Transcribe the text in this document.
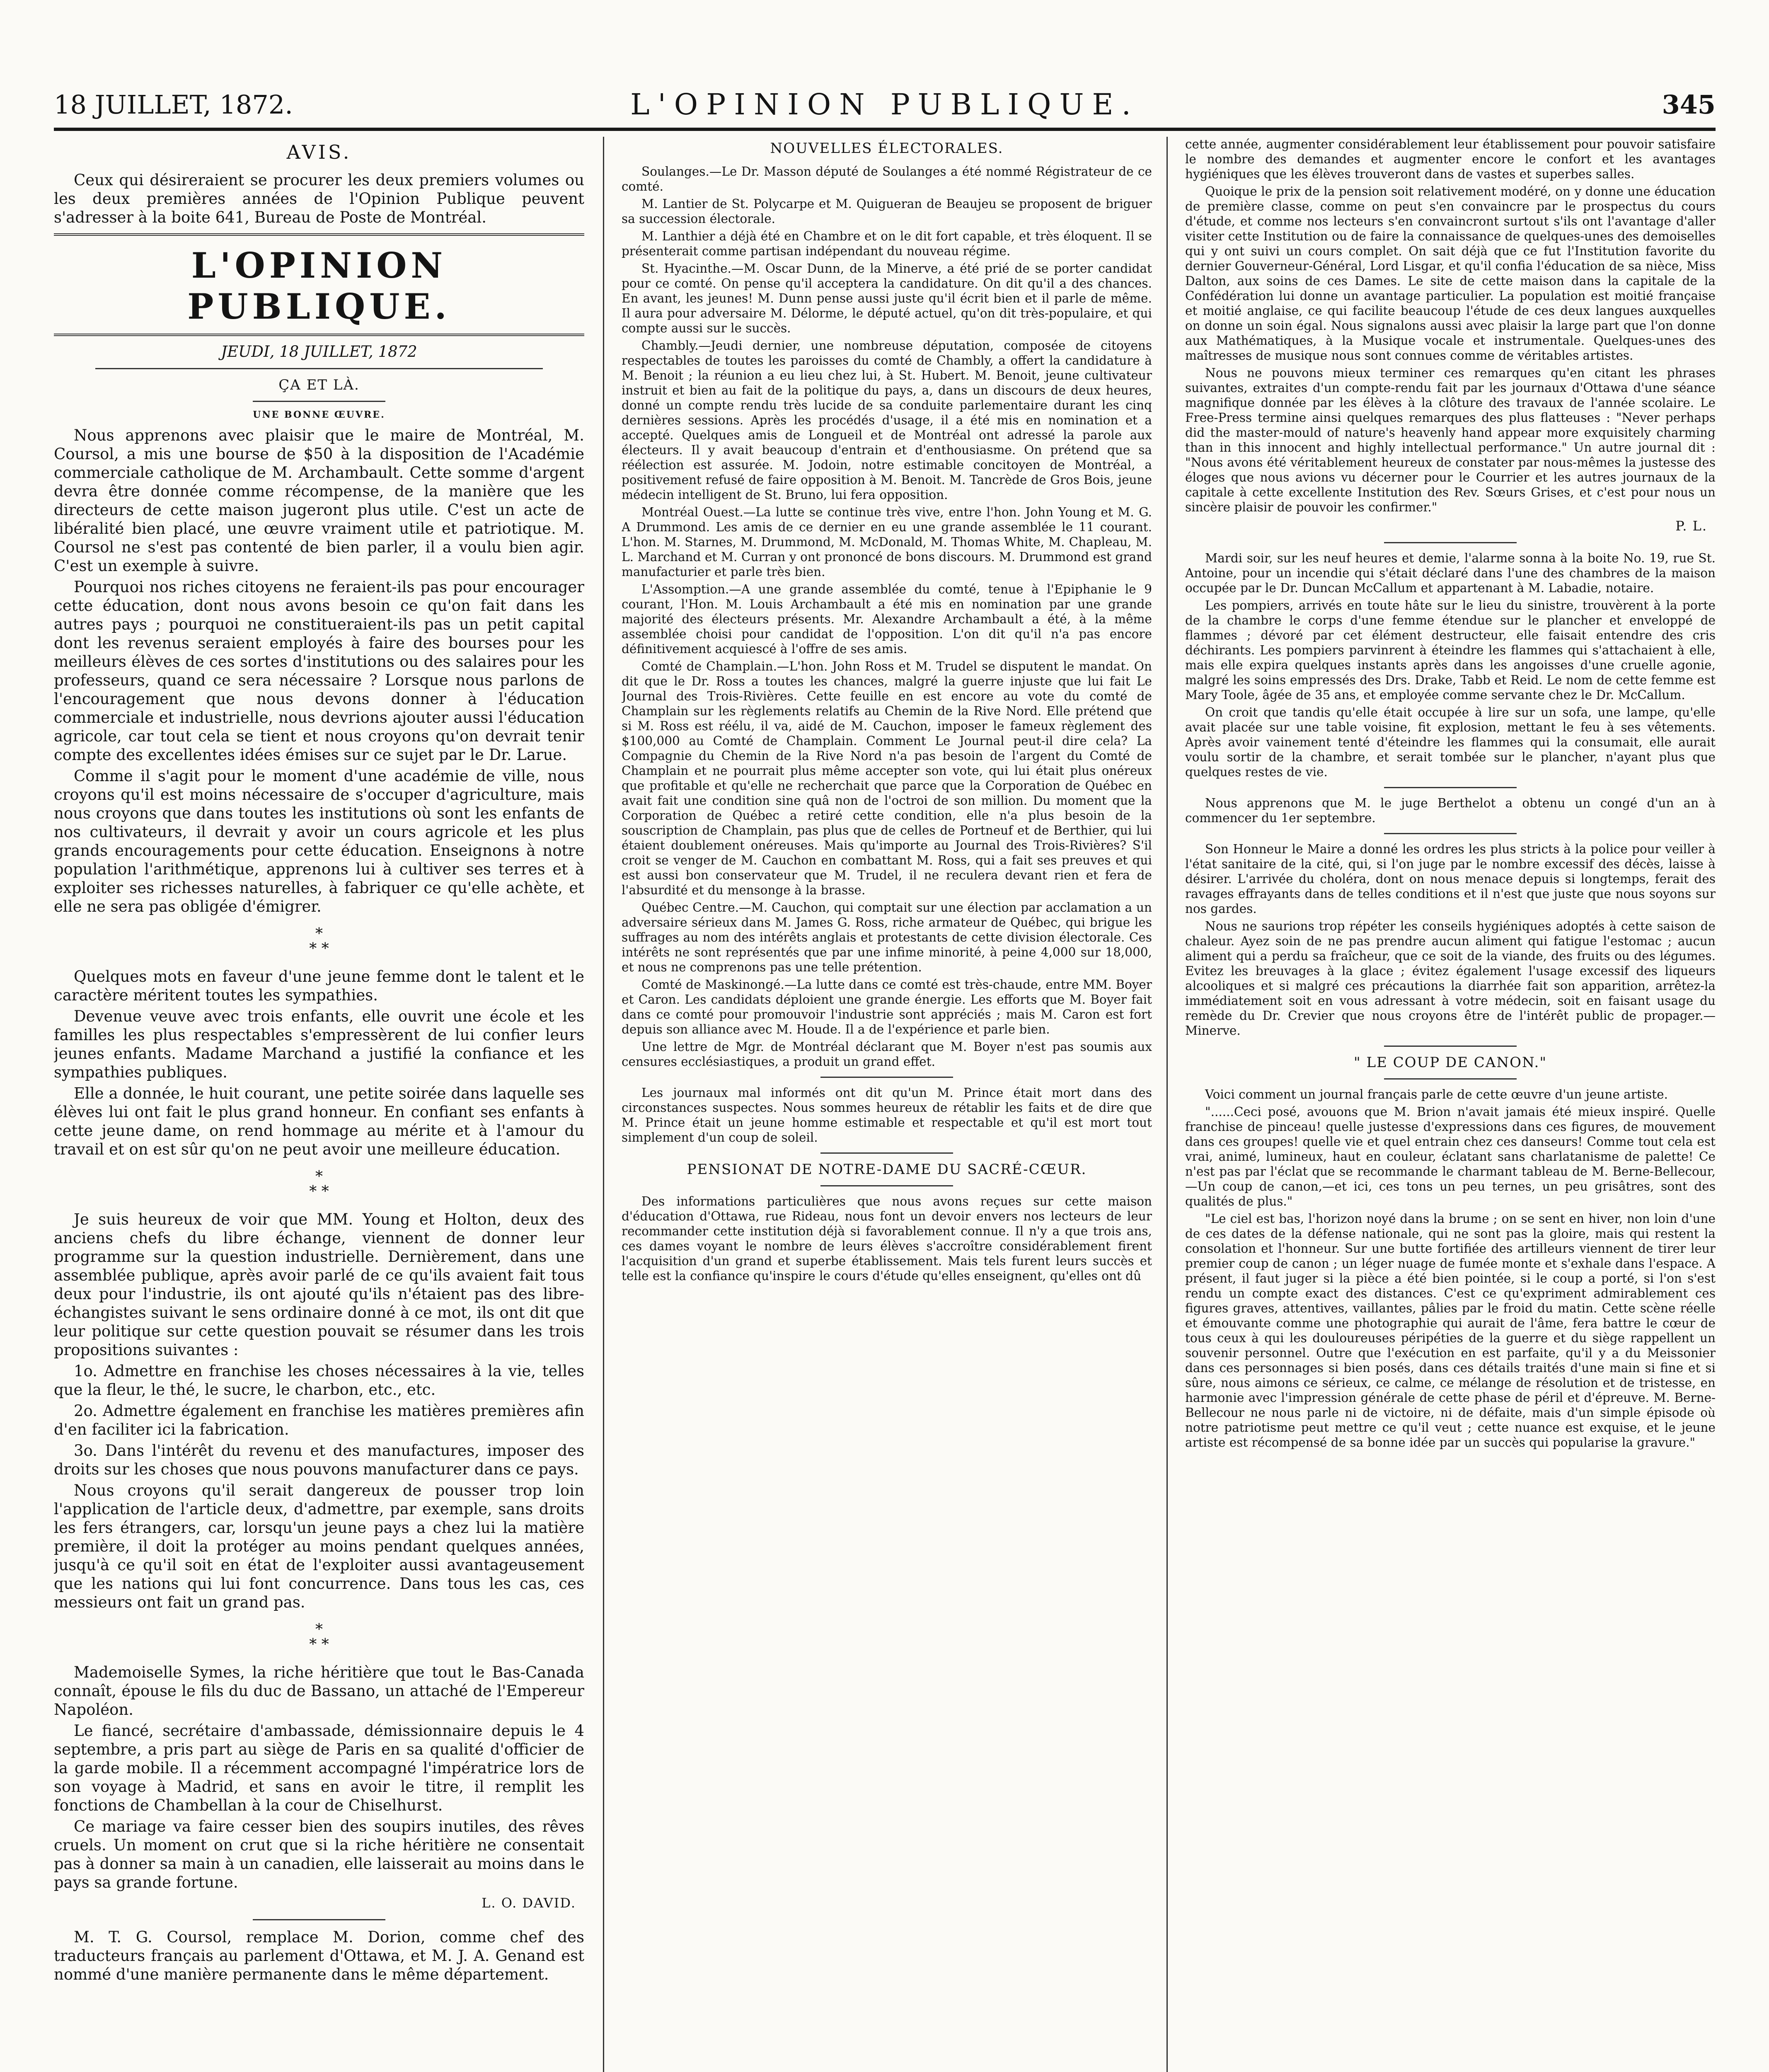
18 JUILLET, 1872.	L'OPINION PUBLIQUE.	345
AVIS.

Ceux qui désireraient se procurer les deux premiers volumes ou les deux premières années de l'Opinion Publique peuvent s'adresser à la boite 641, Bureau de Poste de Montréal.

L'OPINION PUBLIQUE.
JEUDI, 18 JUILLET, 1872
ÇA ET LÀ.
UNE BONNE ŒUVRE.

Nous apprenons avec plaisir que le maire de Montréal, M. Coursol, a mis une bourse de $50 à la disposition de l'Académie commerciale catholique de M. Archambault. Cette somme d'argent devra être donnée comme récompense, de la manière que les directeurs de cette maison jugeront plus utile. C'est un acte de libéralité bien placé, une œuvre vraiment utile et patriotique. M. Coursol ne s'est pas contenté de bien parler, il a voulu bien agir. C'est un exemple à suivre.

Pourquoi nos riches citoyens ne feraient-ils pas pour encourager cette éducation, dont nous avons besoin ce qu'on fait dans les autres pays ; pourquoi ne constitueraient-ils pas un petit capital dont les revenus seraient employés à faire des bourses pour les meilleurs élèves de ces sortes d'institutions ou des salaires pour les professeurs, quand ce sera nécessaire ? Lorsque nous parlons de l'encouragement que nous devons donner à l'éducation commerciale et industrielle, nous devrions ajouter aussi l'éducation agricole, car tout cela se tient et nous croyons qu'on devrait tenir compte des excellentes idées émises sur ce sujet par le Dr. Larue.

Comme il s'agit pour le moment d'une académie de ville, nous croyons qu'il est moins nécessaire de s'occuper d'agriculture, mais nous croyons que dans toutes les institutions où sont les enfants de nos cultivateurs, il devrait y avoir un cours agricole et les plus grands encouragements pour cette éducation. Enseignons à notre population l'arithmétique, apprenons lui à cultiver ses terres et à exploiter ses richesses naturelles, à fabriquer ce qu'elle achète, et elle ne sera pas obligée d'émigrer.

*
* *

Quelques mots en faveur d'une jeune femme dont le talent et le caractère méritent toutes les sympathies.

Devenue veuve avec trois enfants, elle ouvrit une école et les familles les plus respectables s'empressèrent de lui confier leurs jeunes enfants. Madame Marchand a justifié la confiance et les sympathies publiques.

Elle a donnée, le huit courant, une petite soirée dans laquelle ses élèves lui ont fait le plus grand honneur. En confiant ses enfants à cette jeune dame, on rend hommage au mérite et à l'amour du travail et on est sûr qu'on ne peut avoir une meilleure éducation.

*
* *

Je suis heureux de voir que MM. Young et Holton, deux des anciens chefs du libre échange, viennent de donner leur programme sur la question industrielle. Dernièrement, dans une assemblée publique, après avoir parlé de ce qu'ils avaient fait tous deux pour l'industrie, ils ont ajouté qu'ils n'étaient pas des libre-échangistes suivant le sens ordinaire donné à ce mot, ils ont dit que leur politique sur cette question pouvait se résumer dans les trois propositions suivantes :

1o. Admettre en franchise les choses nécessaires à la vie, telles que la fleur, le thé, le sucre, le charbon, etc., etc.

2o. Admettre également en franchise les matières premières afin d'en faciliter ici la fabrication.

3o. Dans l'intérêt du revenu et des manufactures, imposer des droits sur les choses que nous pouvons manufacturer dans ce pays.

Nous croyons qu'il serait dangereux de pousser trop loin l'application de l'article deux, d'admettre, par exemple, sans droits les fers étrangers, car, lorsqu'un jeune pays a chez lui la matière première, il doit la protéger au moins pendant quelques années, jusqu'à ce qu'il soit en état de l'exploiter aussi avantageusement que les nations qui lui font concurrence. Dans tous les cas, ces messieurs ont fait un grand pas.

*
* *

Mademoiselle Symes, la riche héritière que tout le Bas-Canada connaît, épouse le fils du duc de Bassano, un attaché de l'Empereur Napoléon.

Le fiancé, secrétaire d'ambassade, démissionnaire depuis le 4 septembre, a pris part au siège de Paris en sa qualité d'officier de la garde mobile. Il a récemment accompagné l'impératrice lors de son voyage à Madrid, et sans en avoir le titre, il remplit les fonctions de Chambellan à la cour de Chiselhurst.

Ce mariage va faire cesser bien des soupirs inutiles, des rêves cruels. Un moment on crut que si la riche héritière ne consentait pas à donner sa main à un canadien, elle laisserait au moins dans le pays sa grande fortune.

L. O. DAVID.

M. T. G. Coursol, remplace M. Dorion, comme chef des traducteurs français au parlement d'Ottawa, et M. J. A. Genand est nommé d'une manière permanente dans le même département.

NOUVELLES ÉLECTORALES.

Soulanges.—Le Dr. Masson député de Soulanges a été nommé Régistrateur de ce comté.

M. Lantier de St. Polycarpe et M. Quigueran de Beaujeu se proposent de briguer sa succession électorale.

M. Lanthier a déjà été en Chambre et on le dit fort capable, et très éloquent. Il se présenterait comme partisan indépendant du nouveau régime.

St. Hyacinthe.—M. Oscar Dunn, de la Minerve, a été prié de se porter candidat pour ce comté. On pense qu'il acceptera la candidature. On dit qu'il a des chances. En avant, les jeunes! M. Dunn pense aussi juste qu'il écrit bien et il parle de même. Il aura pour adversaire M. Délorme, le député actuel, qu'on dit très-populaire, et qui compte aussi sur le succès.

Chambly.—Jeudi dernier, une nombreuse députation, composée de citoyens respectables de toutes les paroisses du comté de Chambly, a offert la candidature à M. Benoit ; la réunion a eu lieu chez lui, à St. Hubert. M. Benoit, jeune cultivateur instruit et bien au fait de la politique du pays, a, dans un discours de deux heures, donné un compte rendu très lucide de sa conduite parlementaire durant les cinq dernières sessions. Après les procédés d'usage, il a été mis en nomination et a accepté. Quelques amis de Longueil et de Montréal ont adressé la parole aux électeurs. Il y avait beaucoup d'entrain et d'enthousiasme. On prétend que sa réélection est assurée. M. Jodoin, notre estimable concitoyen de Montréal, a positivement refusé de faire opposition à M. Benoit. M. Tancrède de Gros Bois, jeune médecin intelligent de St. Bruno, lui fera opposition.

Montréal Ouest.—La lutte se continue très vive, entre l'hon. John Young et M. G. A Drummond. Les amis de ce dernier en eu une grande assemblée le 11 courant. L'hon. M. Starnes, M. Drummond, M. McDonald, M. Thomas White, M. Chapleau, M. L. Marchand et M. Curran y ont prononcé de bons discours. M. Drummond est grand manufacturier et parle très bien.

L'Assomption.—A une grande assemblée du comté, tenue à l'Epiphanie le 9 courant, l'Hon. M. Louis Archambault a été mis en nomination par une grande majorité des électeurs présents. Mr. Alexandre Archambault a été, à la même assemblée choisi pour candidat de l'opposition. L'on dit qu'il n'a pas encore définitivement acquiescé à l'offre de ses amis.

Comté de Champlain.—L'hon. John Ross et M. Trudel se disputent le mandat. On dit que le Dr. Ross a toutes les chances, malgré la guerre injuste que lui fait Le Journal des Trois-Rivières. Cette feuille en est encore au vote du comté de Champlain sur les règlements relatifs au Chemin de la Rive Nord. Elle prétend que si M. Ross est réélu, il va, aidé de M. Cauchon, imposer le fameux règlement des $100,000 au Comté de Champlain. Comment Le Journal peut-il dire cela? La Compagnie du Chemin de la Rive Nord n'a pas besoin de l'argent du Comté de Champlain et ne pourrait plus même accepter son vote, qui lui était plus onéreux que profitable et qu'elle ne recherchait que parce que la Corporation de Québec en avait fait une condition sine quâ non de l'octroi de son million. Du moment que la Corporation de Québec a retiré cette condition, elle n'a plus besoin de la souscription de Champlain, pas plus que de celles de Portneuf et de Berthier, qui lui étaient doublement onéreuses. Mais qu'importe au Journal des Trois-Rivières? S'il croit se venger de M. Cauchon en combattant M. Ross, qui a fait ses preuves et qui est aussi bon conservateur que M. Trudel, il ne reculera devant rien et fera de l'absurdité et du mensonge à la brasse.

Québec Centre.—M. Cauchon, qui comptait sur une élection par acclamation a un adversaire sérieux dans M. James G. Ross, riche armateur de Québec, qui brigue les suffrages au nom des intérêts anglais et protestants de cette division électorale. Ces intérêts ne sont représentés que par une infime minorité, à peine 4,000 sur 18,000, et nous ne comprenons pas une telle prétention.

Comté de Maskinongé.—La lutte dans ce comté est très-chaude, entre MM. Boyer et Caron. Les candidats déploient une grande énergie. Les efforts que M. Boyer fait dans ce comté pour promouvoir l'industrie sont appréciés ; mais M. Caron est fort depuis son alliance avec M. Houde. Il a de l'expérience et parle bien.

Une lettre de Mgr. de Montréal déclarant que M. Boyer n'est pas soumis aux censures ecclésiastiques, a produit un grand effet.

Les journaux mal informés ont dit qu'un M. Prince était mort dans des circonstances suspectes. Nous sommes heureux de rétablir les faits et de dire que M. Prince était un jeune homme estimable et respectable et qu'il est mort tout simplement d'un coup de soleil.

PENSIONAT DE NOTRE-DAME DU SACRÉ-CŒUR.

Des informations particulières que nous avons reçues sur cette maison d'éducation d'Ottawa, rue Rideau, nous font un devoir envers nos lecteurs de leur recommander cette institution déjà si favorablement connue. Il n'y a que trois ans, ces dames voyant le nombre de leurs élèves s'accroître considérablement firent l'acquisition d'un grand et superbe établissement. Mais tels furent leurs succès et telle est la confiance qu'inspire le cours d'étude qu'elles enseignent, qu'elles ont dû

cette année, augmenter considérablement leur établissement pour pouvoir satisfaire le nombre des demandes et augmenter encore le confort et les avantages hygiéniques que les élèves trouveront dans de vastes et superbes salles.

Quoique le prix de la pension soit relativement modéré, on y donne une éducation de première classe, comme on peut s'en convaincre par le prospectus du cours d'étude, et comme nos lecteurs s'en convaincront surtout s'ils ont l'avantage d'aller visiter cette Institution ou de faire la connaissance de quelques-unes des demoiselles qui y ont suivi un cours complet. On sait déjà que ce fut l'Institution favorite du dernier Gouverneur-Général, Lord Lisgar, et qu'il confia l'éducation de sa nièce, Miss Dalton, aux soins de ces Dames. Le site de cette maison dans la capitale de la Confédération lui donne un avantage particulier. La population est moitié française et moitié anglaise, ce qui facilite beaucoup l'étude de ces deux langues auxquelles on donne un soin égal. Nous signalons aussi avec plaisir la large part que l'on donne aux Mathématiques, à la Musique vocale et instrumentale. Quelques-unes des maîtresses de musique nous sont connues comme de véritables artistes.

Nous ne pouvons mieux terminer ces remarques qu'en citant les phrases suivantes, extraites d'un compte-rendu fait par les journaux d'Ottawa d'une séance magnifique donnée par les élèves à la clôture des travaux de l'année scolaire. Le Free-Press termine ainsi quelques remarques des plus flatteuses : "Never perhaps did the master-mould of nature's heavenly hand appear more exquisitely charming than in this innocent and highly intellectual performance." Un autre journal dit : "Nous avons été véritablement heureux de constater par nous-mêmes la justesse des éloges que nous avions vu décerner pour le Courrier et les autres journaux de la capitale à cette excellente Institution des Rev. Sœurs Grises, et c'est pour nous un sincère plaisir de pouvoir les confirmer."

P. L.

Mardi soir, sur les neuf heures et demie, l'alarme sonna à la boite No. 19, rue St. Antoine, pour un incendie qui s'était déclaré dans l'une des chambres de la maison occupée par le Dr. Duncan McCallum et appartenant à M. Labadie, notaire.

Les pompiers, arrivés en toute hâte sur le lieu du sinistre, trouvèrent à la porte de la chambre le corps d'une femme étendue sur le plancher et enveloppé de flammes ; dévoré par cet élément destructeur, elle faisait entendre des cris déchirants. Les pompiers parvinrent à éteindre les flammes qui s'attachaient à elle, mais elle expira quelques instants après dans les angoisses d'une cruelle agonie, malgré les soins empressés des Drs. Drake, Tabb et Reid. Le nom de cette femme est Mary Toole, âgée de 35 ans, et employée comme servante chez le Dr. McCallum.

On croit que tandis qu'elle était occupée à lire sur un sofa, une lampe, qu'elle avait placée sur une table voisine, fit explosion, mettant le feu à ses vêtements. Après avoir vainement tenté d'éteindre les flammes qui la consumait, elle aurait voulu sortir de la chambre, et serait tombée sur le plancher, n'ayant plus que quelques restes de vie.

Nous apprenons que M. le juge Berthelot a obtenu un congé d'un an à commencer du 1er septembre.

Son Honneur le Maire a donné les ordres les plus stricts à la police pour veiller à l'état sanitaire de la cité, qui, si l'on juge par le nombre excessif des décès, laisse à désirer. L'arrivée du choléra, dont on nous menace depuis si longtemps, ferait des ravages effrayants dans de telles conditions et il n'est que juste que nous soyons sur nos gardes.

Nous ne saurions trop répéter les conseils hygiéniques adoptés à cette saison de chaleur. Ayez soin de ne pas prendre aucun aliment qui fatigue l'estomac ; aucun aliment qui a perdu sa fraîcheur, que ce soit de la viande, des fruits ou des légumes. Evitez les breuvages à la glace ; évitez également l'usage excessif des liqueurs alcooliques et si malgré ces précautions la diarrhée fait son apparition, arrêtez-la immédiatement soit en vous adressant à votre médecin, soit en faisant usage du remède du Dr. Crevier que nous croyons être de l'intérêt public de propager.—Minerve.

" LE COUP DE CANON."

Voici comment un journal français parle de cette œuvre d'un jeune artiste.

"......Ceci posé, avouons que M. Brion n'avait jamais été mieux inspiré. Quelle franchise de pinceau! quelle justesse d'expressions dans ces figures, de mouvement dans ces groupes! quelle vie et quel entrain chez ces danseurs! Comme tout cela est vrai, animé, lumineux, haut en couleur, éclatant sans charlatanisme de palette! Ce n'est pas par l'éclat que se recommande le charmant tableau de M. Berne-Bellecour,—Un coup de canon,—et ici, ces tons un peu ternes, un peu grisâtres, sont des qualités de plus."

"Le ciel est bas, l'horizon noyé dans la brume ; on se sent en hiver, non loin d'une de ces dates de la défense nationale, qui ne sont pas la gloire, mais qui restent la consolation et l'honneur. Sur une butte fortifiée des artilleurs viennent de tirer leur premier coup de canon ; un léger nuage de fumée monte et s'exhale dans l'espace. A présent, il faut juger si la pièce a été bien pointée, si le coup a porté, si l'on s'est rendu un compte exact des distances. C'est ce qu'expriment admirablement ces figures graves, attentives, vaillantes, pâlies par le froid du matin. Cette scène réelle et émouvante comme une photographie qui aurait de l'âme, fera battre le cœur de tous ceux à qui les douloureuses péripéties de la guerre et du siège rappellent un souvenir personnel. Outre que l'exécution en est parfaite, qu'il y a du Meissonier dans ces personnages si bien posés, dans ces détails traités d'une main si fine et si sûre, nous aimons ce sérieux, ce calme, ce mélange de résolution et de tristesse, en harmonie avec l'impression générale de cette phase de péril et d'épreuve. M. Berne-Bellecour ne nous parle ni de victoire, ni de défaite, mais d'un simple épisode où notre patriotisme peut mettre ce qu'il veut ; cette nuance est exquise, et le jeune artiste est récompensé de sa bonne idée par un succès qui popularise la gravure."
